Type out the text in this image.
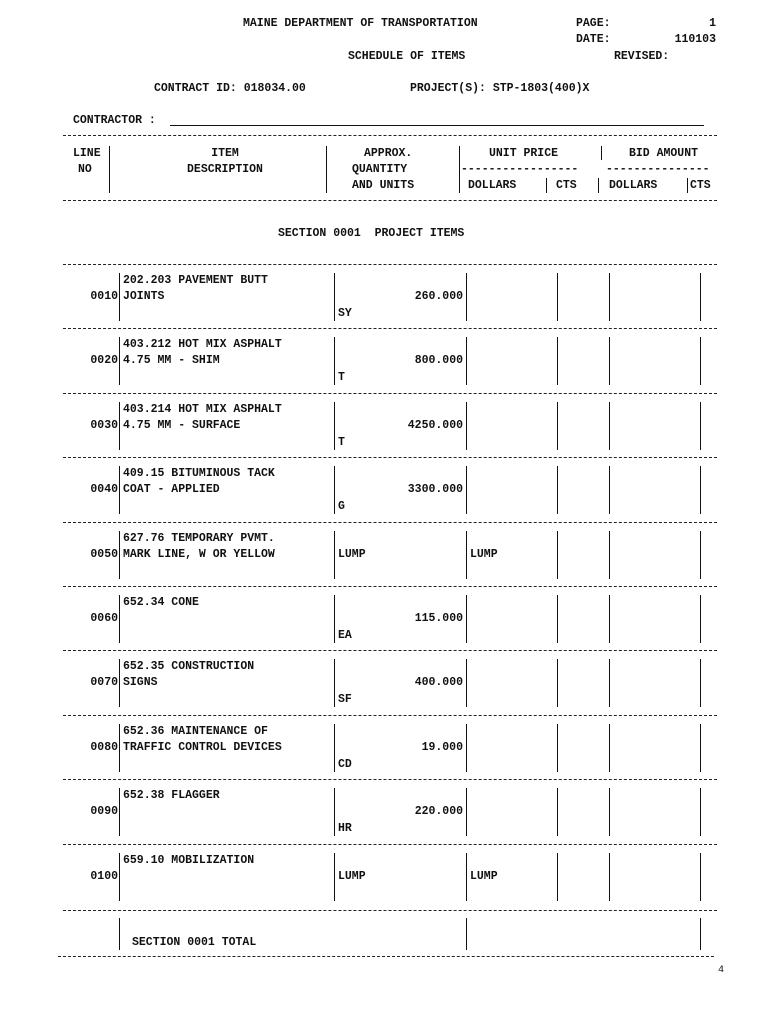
MAINE DEPARTMENT OF TRANSPORTATION	PAGE:	1
DATE:	110103
SCHEDULE OF ITEMS	REVISED:
CONTRACT ID: 018034.00	PROJECT(S): STP-1803(400)X
CONTRACTOR :
LINE
NO
ITEM
DESCRIPTION
APPROX.
QUANTITY
AND UNITS
UNIT PRICE
-----------------
DOLLARS	CTS
BID AMOUNT
---------------
DOLLARS	CTS
SECTION 0001  PROJECT ITEMS
0010
202.203 PAVEMENT BUTT
JOINTS	260.000
SY
0020
403.212 HOT MIX ASPHALT
4.75 MM - SHIM	800.000
T
0030
403.214 HOT MIX ASPHALT
4.75 MM - SURFACE	4250.000
T
0040
409.15 BITUMINOUS TACK
COAT - APPLIED	3300.000
G
0050
627.76 TEMPORARY PVMT.
MARK LINE, W OR YELLOW	LUMP	LUMP
0060
652.34 CONE
115.000
EA
0070
652.35 CONSTRUCTION
SIGNS	400.000
SF
0080
652.36 MAINTENANCE OF
TRAFFIC CONTROL DEVICES	19.000
CD
0090
652.38 FLAGGER
220.000
HR
0100
659.10 MOBILIZATION
LUMP	LUMP
SECTION 0001 TOTAL
4
